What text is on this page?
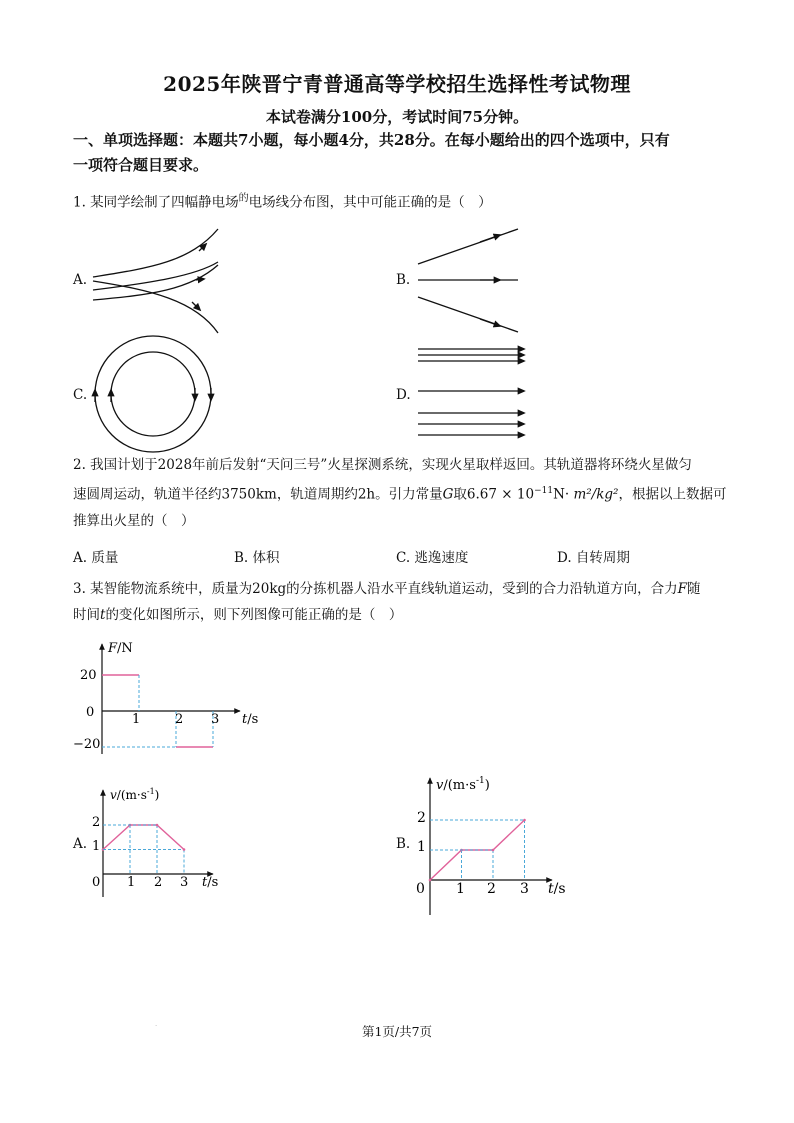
2025年陕晋宁青普通高等学校招生选择性考试物理
本试卷满分100分，考试时间75分钟。
一、单项选择题：本题共7小题，每小题4分，共28分。在每小题给出的四个选项中，只有
一项符合题目要求。
1. 某同学绘制了四幅静电场$^的$电场线分布图，其中可能正确的是（　）
A.	B.
C.	D.
2. 我国计划于2028年前后发射“天问三号”火星探测系统，实现火星取样返回。其轨道器将环绕火星做匀
速圆周运动，轨道半径约3750km，轨道周期约2h。引力常量G取$6.67 \times 10^{-11}N\cdot m^2/kg^2$，根据以上数据可
推算出火星的（　）
A. 质量	B. 体积	C. 逃逸速度	D. 自转周期
3. 某智能物流系统中，质量为20kg的分拣机器人沿水平直线轨道运动，受到的合力沿轨道方向，合力F随
时间t的变化如图所示，则下列图像可能正确的是（　）
F/N
20
0
−20
1	2 3 t/s
A.
$v/(m\cdot s^{-1})$
2
1
0 1 2 3 t/s
B.
$v/(m\cdot s^{-1})$
2
1
0 1 2 3 t/s
·	第1页/共7页
